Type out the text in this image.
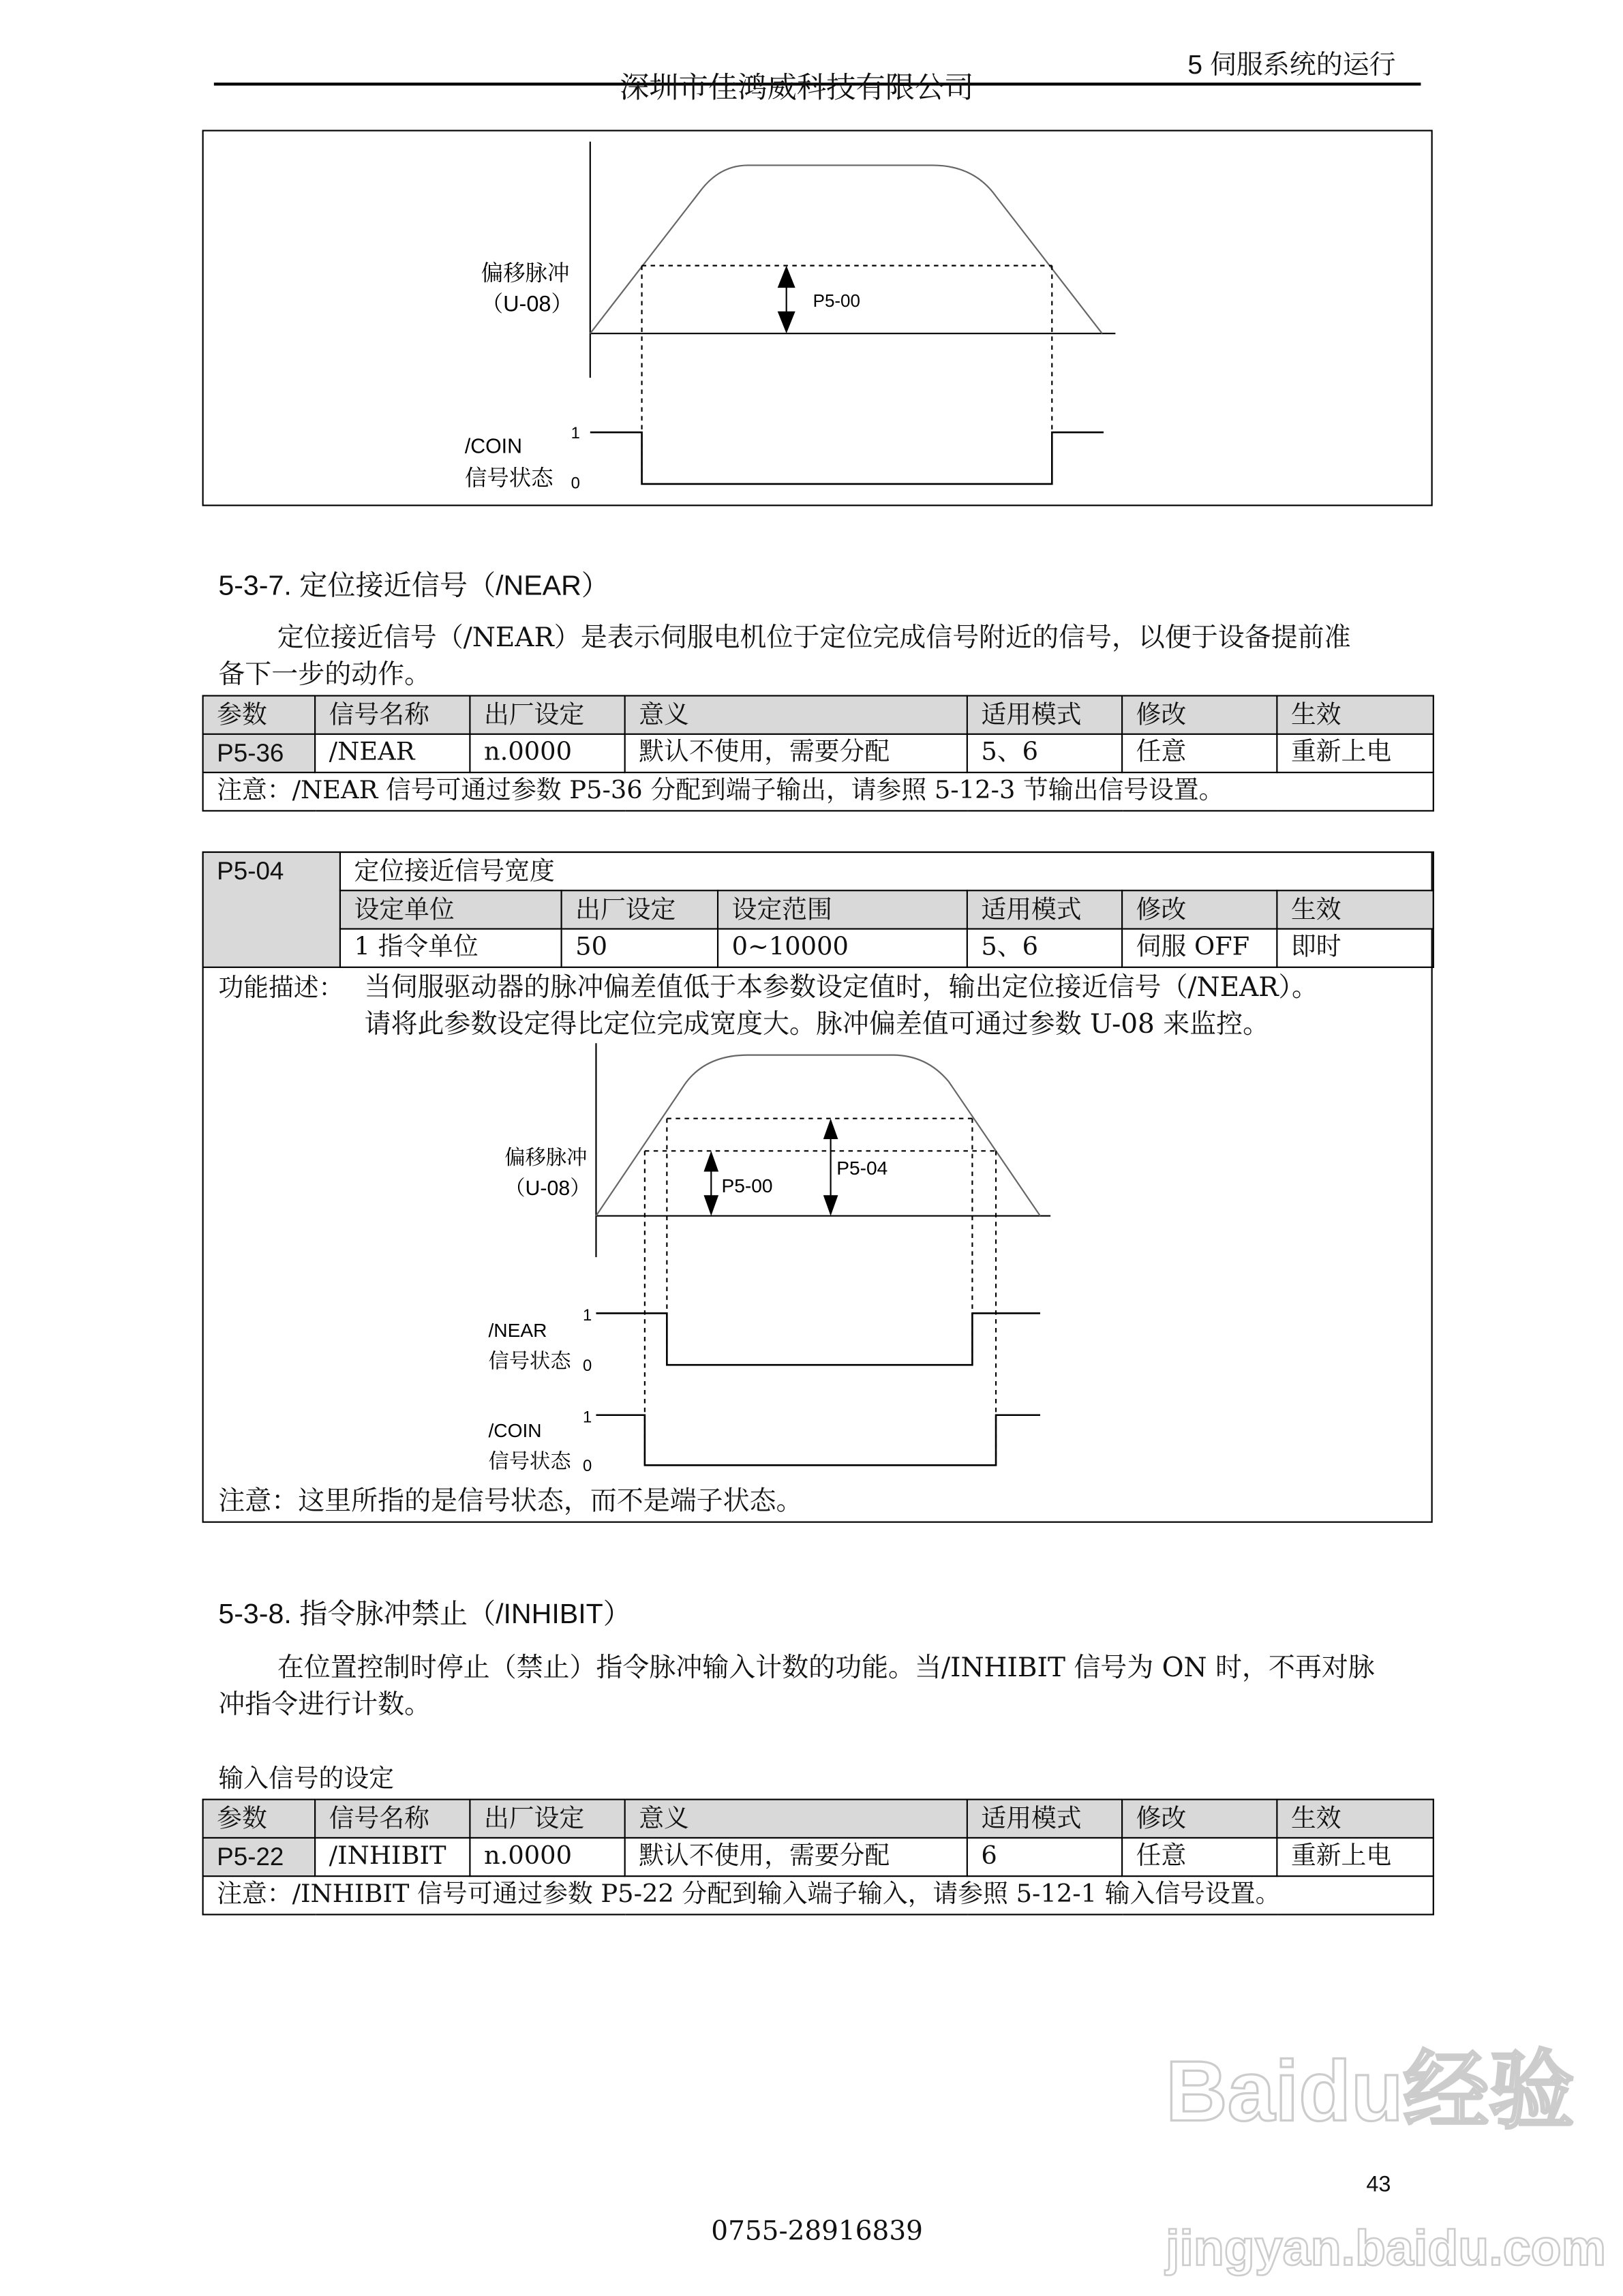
5 伺服系统的运行
深圳市佳鸿威科技有限公司
P5-00
偏移脉冲
（U-08）
1
/COIN
信号状态 0
5-3-7. 定位接近信号（/NEAR）
定位接近信号（/NEAR）是表示伺服电机位于定位完成信号附近的信号，以便于设备提前准
备下一步的动作。
参数	信号名称	出厂设定	意义	适用模式	修改	生效
P5-36	/NEAR	n.0000	默认不使用，需要分配	5、6	任意	重新上电
注意：/NEAR 信号可通过参数 P5-36 分配到端子输出，请参照 5-12-3 节输出信号设置。						
P5-04	定位接近信号宽度					
	设定单位	出厂设定	设定范围	适用模式	修改	生效
	1 指令单位	50	0~10000	5、6	伺服 OFF	即时
功能描述： 当伺服驱动器的脉冲偏差值低于本参数设定值时，输出定位接近信号（/NEAR）。
请将此参数设定得比定位完成宽度大。脉冲偏差值可通过参数 U-08 来监控。
P5-00
P5-04
偏移脉冲
（U-08）
1
/NEAR
信号状态 0
1
/COIN
信号状态 0
注意：这里所指的是信号状态，而不是端子状态。
5-3-8. 指令脉冲禁止（/INHIBIT）
在位置控制时停止（禁止）指令脉冲输入计数的功能。当/INHIBIT 信号为 ON 时，不再对脉
冲指令进行计数。
输入信号的设定
参数	信号名称	出厂设定	意义	适用模式	修改	生效
P5-22	/INHIBIT	n.0000	默认不使用，需要分配	6	任意	重新上电
注意：/INHIBIT 信号可通过参数 P5-22 分配到输入端子输入，请参照 5-12-1 输入信号设置。						
Baidu经验
jingyan.baidu.com
43
0755-28916839
